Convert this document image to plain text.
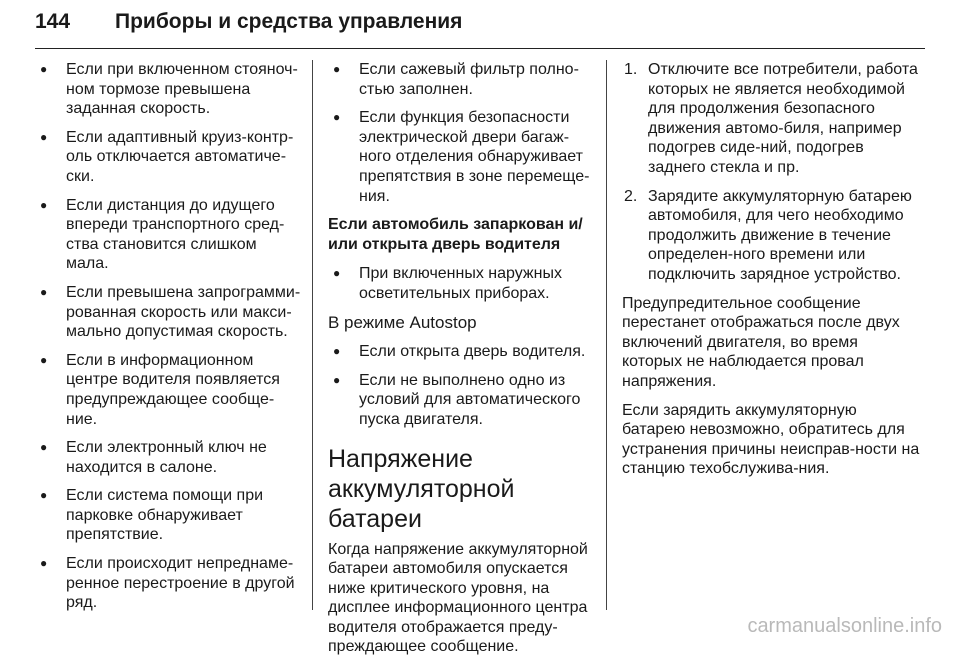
144 Приборы и средства управления
● Если при включенном стояноч-ном тормозе превышена заданная скорость.
● Если адаптивный круиз-контр-оль отключается автоматиче-ски.
● Если дистанция до идущего впереди транспортного сред-ства становится слишком мала.
● Если превышена запрограмми-рованная скорость или макси-мально допустимая скорость.
● Если в информационном центре водителя появляется предупреждающее сообще-ние.
● Если электронный ключ не находится в салоне.
● Если система помощи при парковке обнаруживает препятствие.
● Если происходит непреднаме-ренное перестроение в другой ряд.
● Если сажевый фильтр полно-стью заполнен.
● Если функция безопасности электрической двери багаж-ного отделения обнаруживает препятствия в зоне перемеще-ния.
Если автомобиль запаркован и/или открыта дверь водителя
● При включенных наружных осветительных приборах.
В режиме Autostop
● Если открыта дверь водителя.
● Если не выполнено одно из условий для автоматического пуска двигателя.
Напряжение аккумуляторной батареи

Когда напряжение аккумуляторной батареи автомобиля опускается ниже критического уровня, на дисплее информационного центра водителя отображается преду-преждающее сообщение.

1. Отключите все потребители, работа которых не является необходимой для продолжения безопасного движения автомо-биля, например подогрев сиде-ний, подогрев заднего стекла и пр.
2. Зарядите аккумуляторную батарею автомобиля, для чего необходимо продолжить движение в течение определен-ного времени или подключить зарядное устройство.

Предупредительное сообщение перестанет отображаться после двух включений двигателя, во время которых не наблюдается провал напряжения.

Если зарядить аккумуляторную батарею невозможно, обратитесь для устранения причины неисправ-ности на станцию техобслужива-ния.

carmanualsonline.info
